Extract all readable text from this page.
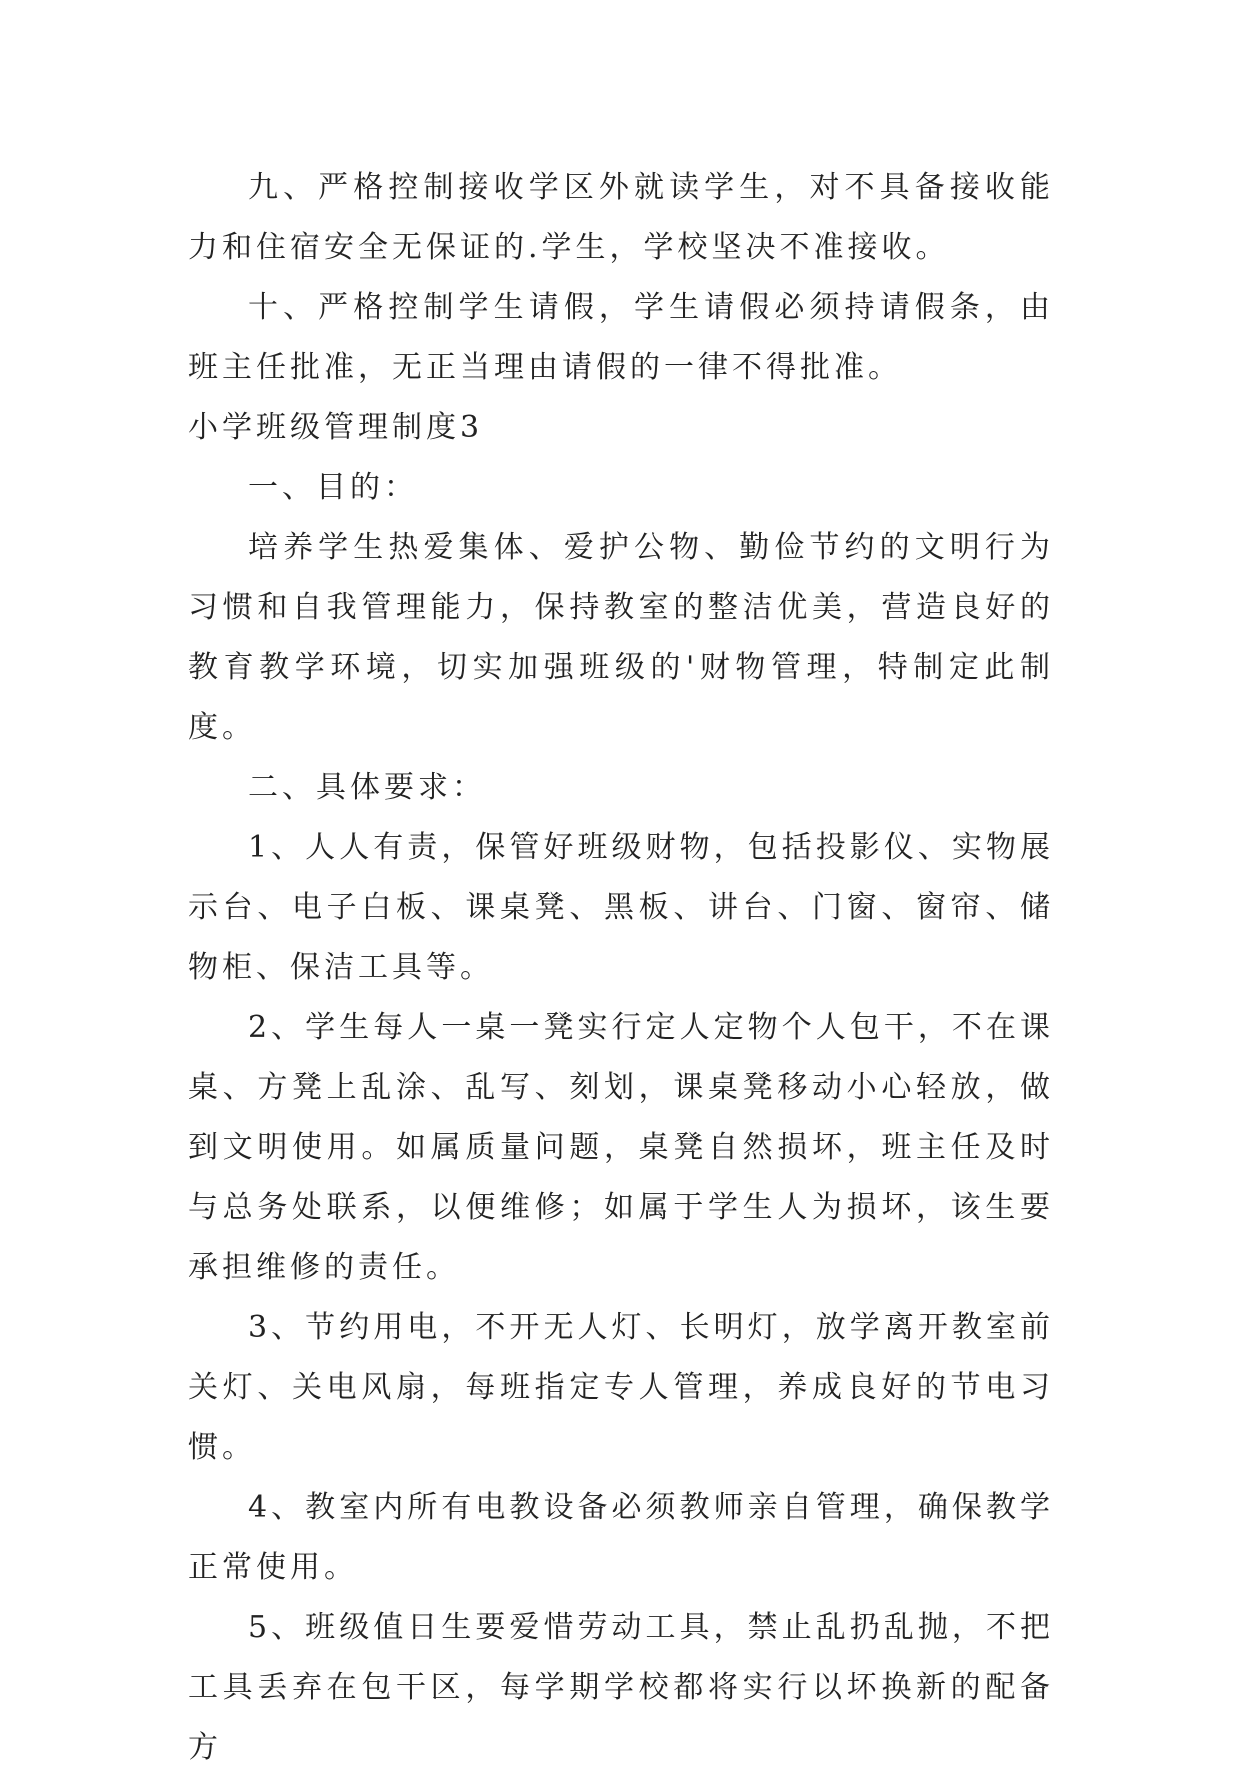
九、严格控制接收学区外就读学生，对不具备接收能力和住宿安全无保证的.学生，学校坚决不准接收。

十、严格控制学生请假，学生请假必须持请假条，由班主任批准，无正当理由请假的一律不得批准。

小学班级管理制度3

一、目的：

培养学生热爱集体、爱护公物、勤俭节约的文明行为习惯和自我管理能力，保持教室的整洁优美，营造良好的教育教学环境，切实加强班级的'财物管理，特制定此制度。

二、具体要求：

1、人人有责，保管好班级财物，包括投影仪、实物展示台、电子白板、课桌凳、黑板、讲台、门窗、窗帘、储物柜、保洁工具等。

2、学生每人一桌一凳实行定人定物个人包干，不在课桌、方凳上乱涂、乱写、刻划，课桌凳移动小心轻放，做到文明使用。如属质量问题，桌凳自然损坏，班主任及时与总务处联系，以便维修；如属于学生人为损坏，该生要承担维修的责任。

3、节约用电，不开无人灯、长明灯，放学离开教室前关灯、关电风扇，每班指定专人管理，养成良好的节电习惯。

4、教室内所有电教设备必须教师亲自管理，确保教学正常使用。

5、班级值日生要爱惜劳动工具，禁止乱扔乱抛，不把工具丢弃在包干区，每学期学校都将实行以坏换新的配备方
